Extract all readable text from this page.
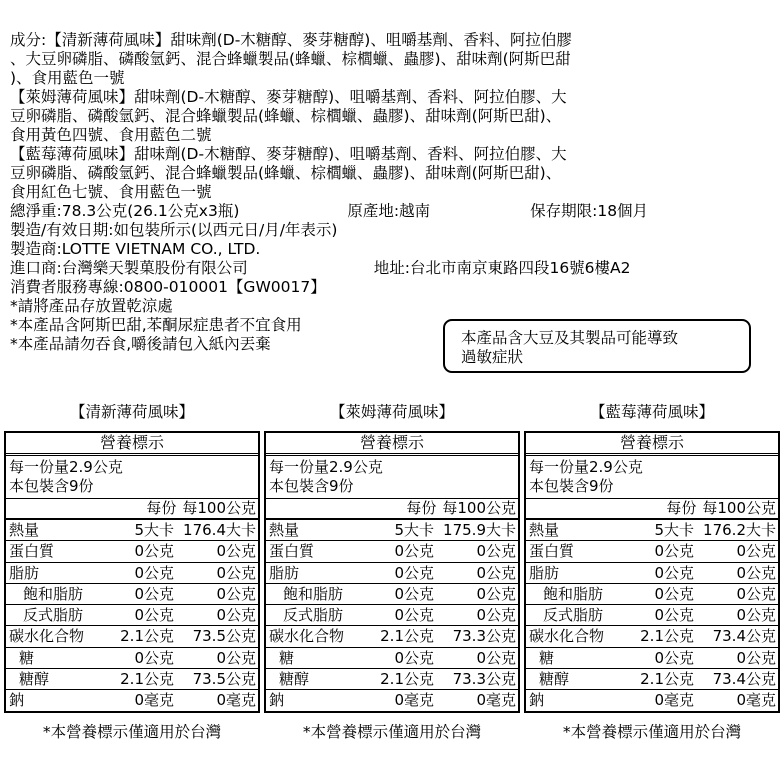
成分:【清新薄荷風味】甜味劑(D-木糖醇、麥芽糖醇)、咀嚼基劑、香料、阿拉伯膠
、大豆卵磷脂、磷酸氫鈣、混合蜂蠟製品(蜂蠟、棕櫚蠟、蟲膠)、甜味劑(阿斯巴甜
)、食用藍色一號
【萊姆薄荷風味】甜味劑(D-木糖醇、麥芽糖醇)、咀嚼基劑、香料、阿拉伯膠、大
豆卵磷脂、磷酸氫鈣、混合蜂蠟製品(蜂蠟、棕櫚蠟、蟲膠)、甜味劑(阿斯巴甜)、
食用黃色四號、食用藍色二號
【藍莓薄荷風味】甜味劑(D-木糖醇、麥芽糖醇)、咀嚼基劑、香料、阿拉伯膠、大
豆卵磷脂、磷酸氫鈣、混合蜂蠟製品(蜂蠟、棕櫚蠟、蟲膠)、甜味劑(阿斯巴甜)、
食用紅色七號、食用藍色一號
總淨重:78.3公克(26.1公克x3瓶)	原產地:越南	保存期限:18個月
製造/有效日期:如包裝所示(以西元日/月/年表示)
製造商:LOTTE VIETNAM CO., LTD.
進口商:台灣樂天製菓股份有限公司	地址:台北市南京東路四段16號6樓A2
消費者服務專線:0800-010001【GW0017】
*請將產品存放置乾涼處
*本產品含阿斯巴甜,苯酮尿症患者不宜食用
*本產品請勿吞食,嚼後請包入紙內丟棄	本產品含大豆及其製品可能導致
過敏症狀
【清新薄荷風味】
營養標示
每一份量2.9公克
本包裝含9份
每份 每100公克
熱量	5大卡 176.4大卡
蛋白質	0公克	0公克
脂肪	0公克	0公克
飽和脂肪	0公克	0公克
反式脂肪	0公克	0公克
碳水化合物	2.1公克	73.5公克
糖	0公克	0公克
糖醇	2.1公克	73.5公克
鈉	0毫克	0毫克
*本營養標示僅適用於台灣
【萊姆薄荷風味】
營養標示
每一份量2.9公克
本包裝含9份
每份 每100公克
熱量	5大卡 175.9大卡
蛋白質	0公克	0公克
脂肪	0公克	0公克
飽和脂肪	0公克	0公克
反式脂肪	0公克	0公克
碳水化合物	2.1公克	73.3公克
糖	0公克	0公克
糖醇	2.1公克	73.3公克
鈉	0毫克	0毫克
*本營養標示僅適用於台灣
【藍莓薄荷風味】
營養標示
每一份量2.9公克
本包裝含9份
每份 每100公克
熱量	5大卡 176.2大卡
蛋白質	0公克	0公克
脂肪	0公克	0公克
飽和脂肪	0公克	0公克
反式脂肪	0公克	0公克
碳水化合物	2.1公克	73.4公克
糖	0公克	0公克
糖醇	2.1公克	73.4公克
鈉	0毫克	0毫克
*本營養標示僅適用於台灣
